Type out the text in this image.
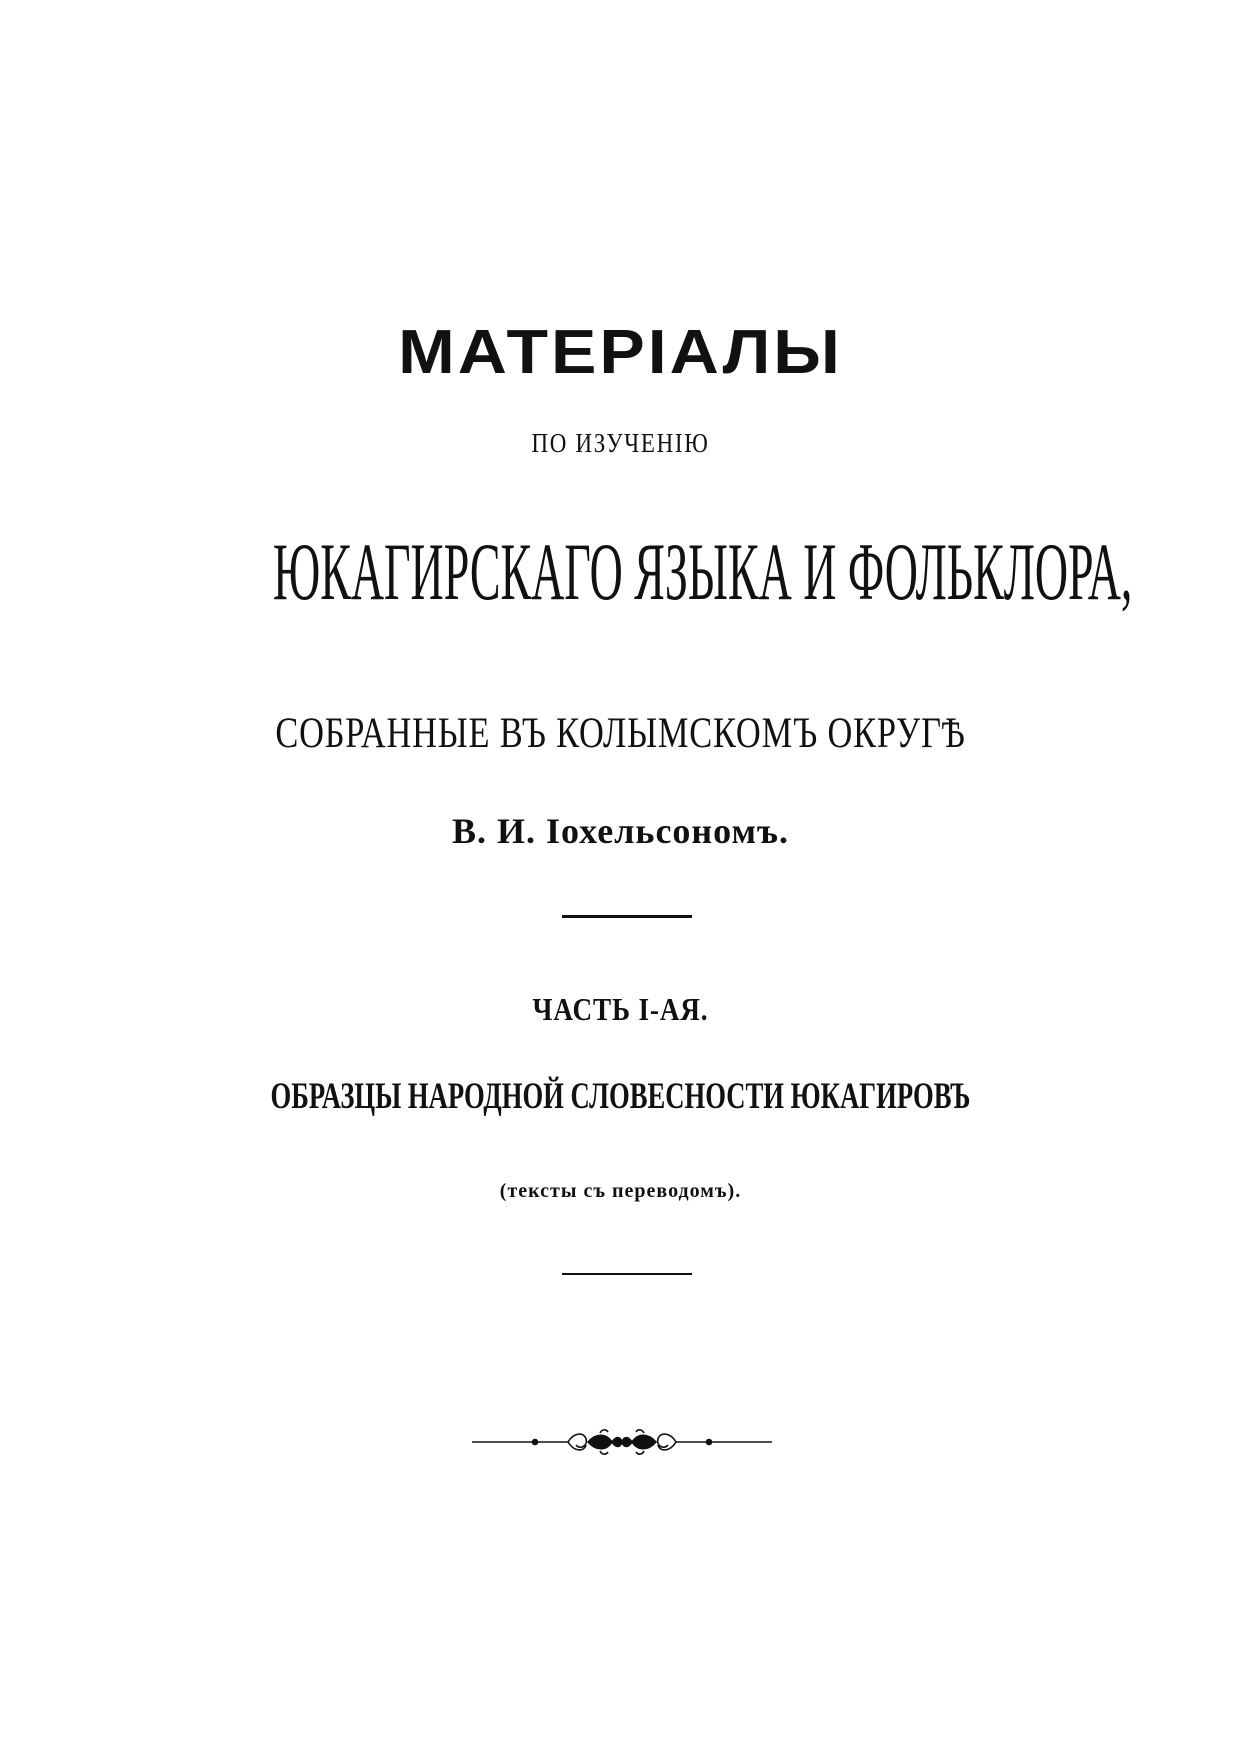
МАТЕРІАЛЫ
ПО ИЗУЧЕНІЮ
ЮКАГИРСКАГО ЯЗЫКА И ФОЛЬКЛОРА,
СОБРАННЫЕ ВЪ КОЛЫМСКОМЪ ОКРУГѢ
В. И. Іохельсономъ.
ЧАСТЬ І-АЯ.
ОБРАЗЦЫ НАРОДНОЙ СЛОВЕСНОСТИ ЮКАГИРОВЪ
(тексты съ переводомъ).
